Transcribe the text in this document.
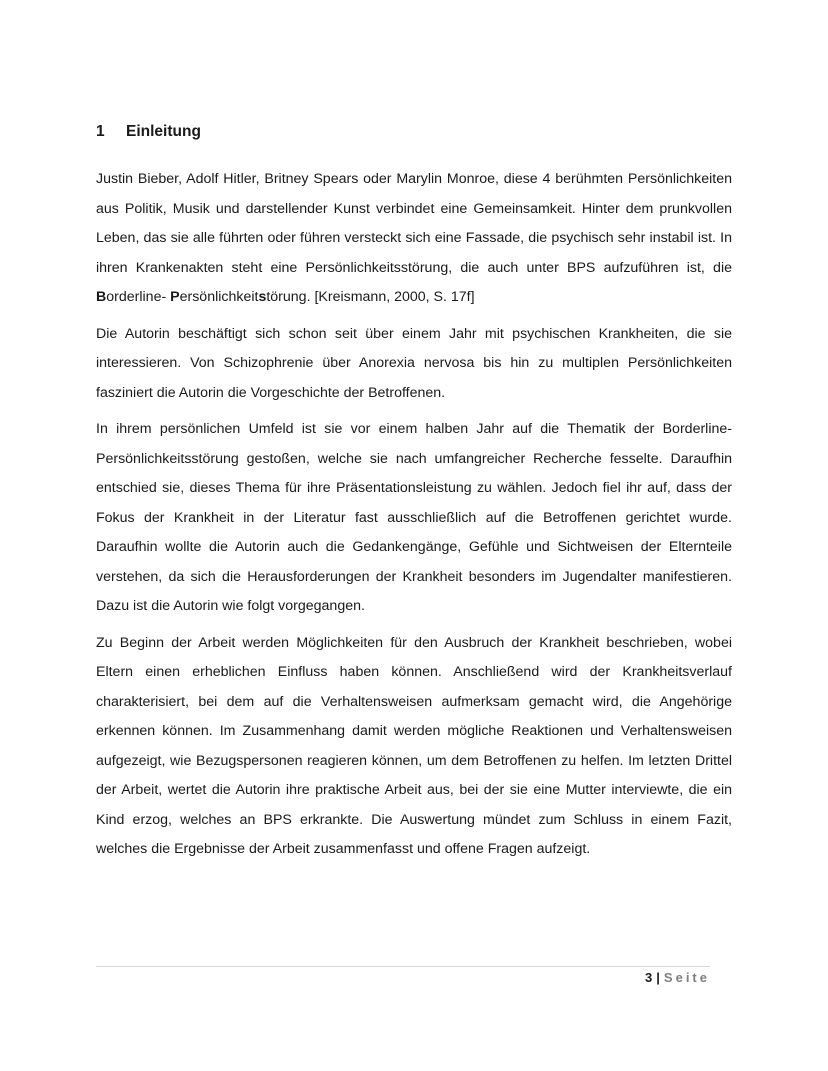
1 Einleitung

Justin Bieber, Adolf Hitler, Britney Spears oder Marylin Monroe, diese 4 berühmten Persönlichkeiten aus Politik, Musik und darstellender Kunst verbindet eine Gemeinsamkeit. Hinter dem prunkvollen Leben, das sie alle führten oder führen versteckt sich eine Fassade, die psychisch sehr instabil ist. In ihren Krankenakten steht eine Persönlichkeitsstörung, die auch unter BPS aufzuführen ist, die Borderline- Persönlichkeitstörung. [Kreismann, 2000, S. 17f]

Die Autorin beschäftigt sich schon seit über einem Jahr mit psychischen Krankheiten, die sie interessieren. Von Schizophrenie über Anorexia nervosa bis hin zu multiplen Persönlichkeiten fasziniert die Autorin die Vorgeschichte der Betroffenen.

In ihrem persönlichen Umfeld ist sie vor einem halben Jahr auf die Thematik der Borderline-Persönlichkeitsstörung gestoßen, welche sie nach umfangreicher Recherche fesselte. Daraufhin entschied sie, dieses Thema für ihre Präsentationsleistung zu wählen. Jedoch fiel ihr auf, dass der Fokus der Krankheit in der Literatur fast ausschließlich auf die Betroffenen gerichtet wurde. Daraufhin wollte die Autorin auch die Gedankengänge, Gefühle und Sichtweisen der Elternteile verstehen, da sich die Herausforderungen der Krankheit besonders im Jugendalter manifestieren. Dazu ist die Autorin wie folgt vorgegangen.

Zu Beginn der Arbeit werden Möglichkeiten für den Ausbruch der Krankheit beschrieben, wobei Eltern einen erheblichen Einfluss haben können. Anschließend wird der Krankheitsverlauf charakterisiert, bei dem auf die Verhaltensweisen aufmerksam gemacht wird, die Angehörige erkennen können. Im Zusammenhang damit werden mögliche Reaktionen und Verhaltensweisen aufgezeigt, wie Bezugspersonen reagieren können, um dem Betroffenen zu helfen. Im letzten Drittel der Arbeit, wertet die Autorin ihre praktische Arbeit aus, bei der sie eine Mutter interviewte, die ein Kind erzog, welches an BPS erkrankte. Die Auswertung mündet zum Schluss in einem Fazit, welches die Ergebnisse der Arbeit zusammenfasst und offene Fragen aufzeigt.

3 | Seite
